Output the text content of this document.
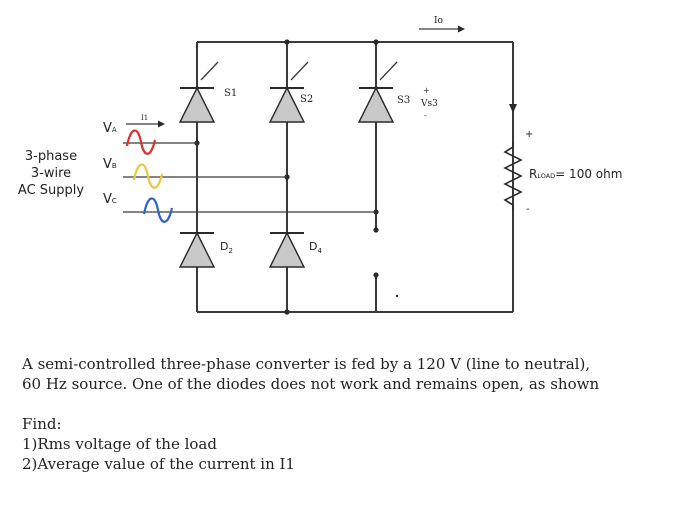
I1
Io
S1
S2	S3
+
Vs3
-
$D_2$	$D_4$
+
-
RLOAD= 100 ohm
3-phase
3-wire
AC Supply
VA
VB
VC

A semi-controlled three-phase converter is fed by a 120 V (line to neutral),

60 Hz source. One of the diodes does not work and remains open, as shown

Find:

1)Rms voltage of the load

2)Average value of the current in I1
